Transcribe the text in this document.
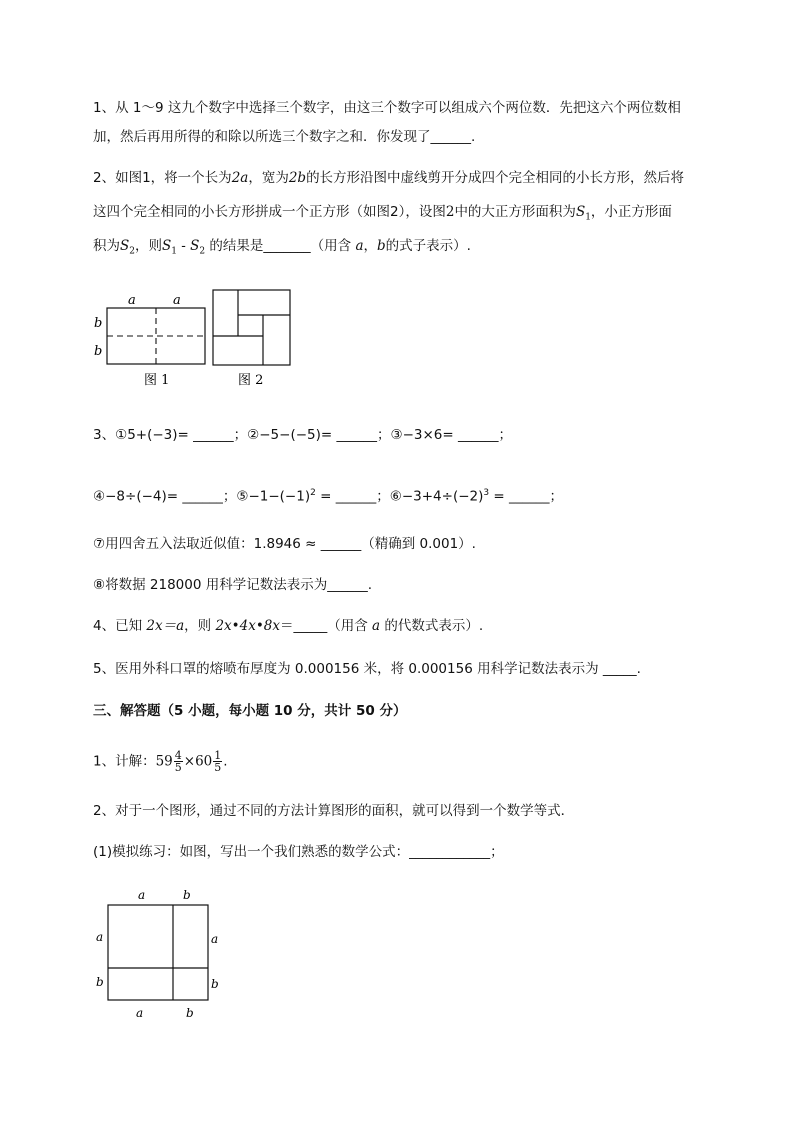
1、从 1～9 这九个数字中选择三个数字，由这三个数字可以组成六个两位数．先把这六个两位数相
加，然后再用所得的和除以所选三个数字之和．你发现了______.
2、如图1，将一个长为2a，宽为2b的长方形沿图中虚线剪开分成四个完全相同的小长方形，然后将
这四个完全相同的小长方形拼成一个正方形（如图2），设图2中的大正方形面积为$S_1$，小正方形面
积为$S_2$，则$S_1 - S_2$ 的结果是_______（用含 a，b的式子表示）.
a	a
b
b
图 1	图 2
3、①5+(−3)= ______；②−5−(−5)= ______；③−3×6= ______；
④−8÷(−4)= ______；$⑤-1-(-1)^2$ = ______；$⑥-3+4\div(-2)^3$ = ______；
⑦用四舍五入法取近似值：1.8946 ≈ ______（精确到 0.001）.
⑧将数据 218000 用科学记数法表示为______.
4、已知 2x＝a，则 2x•4x•8x＝_____（用含 a 的代数式表示）.
5、医用外科口罩的熔喷布厚度为 0.000156 米，将 0.000156 用科学记数法表示为 _____.
三、解答题（5 小题，每小题 10 分，共计 50 分）
1、计解：$59 \frac{4}{5} \times 60 \frac{1}{5}$ .
2、对于一个图形，通过不同的方法计算图形的面积，就可以得到一个数学等式．
(1)模拟练习：如图，写出一个我们熟悉的数学公式：____________；
a	b
a
b
a
b
a	b
